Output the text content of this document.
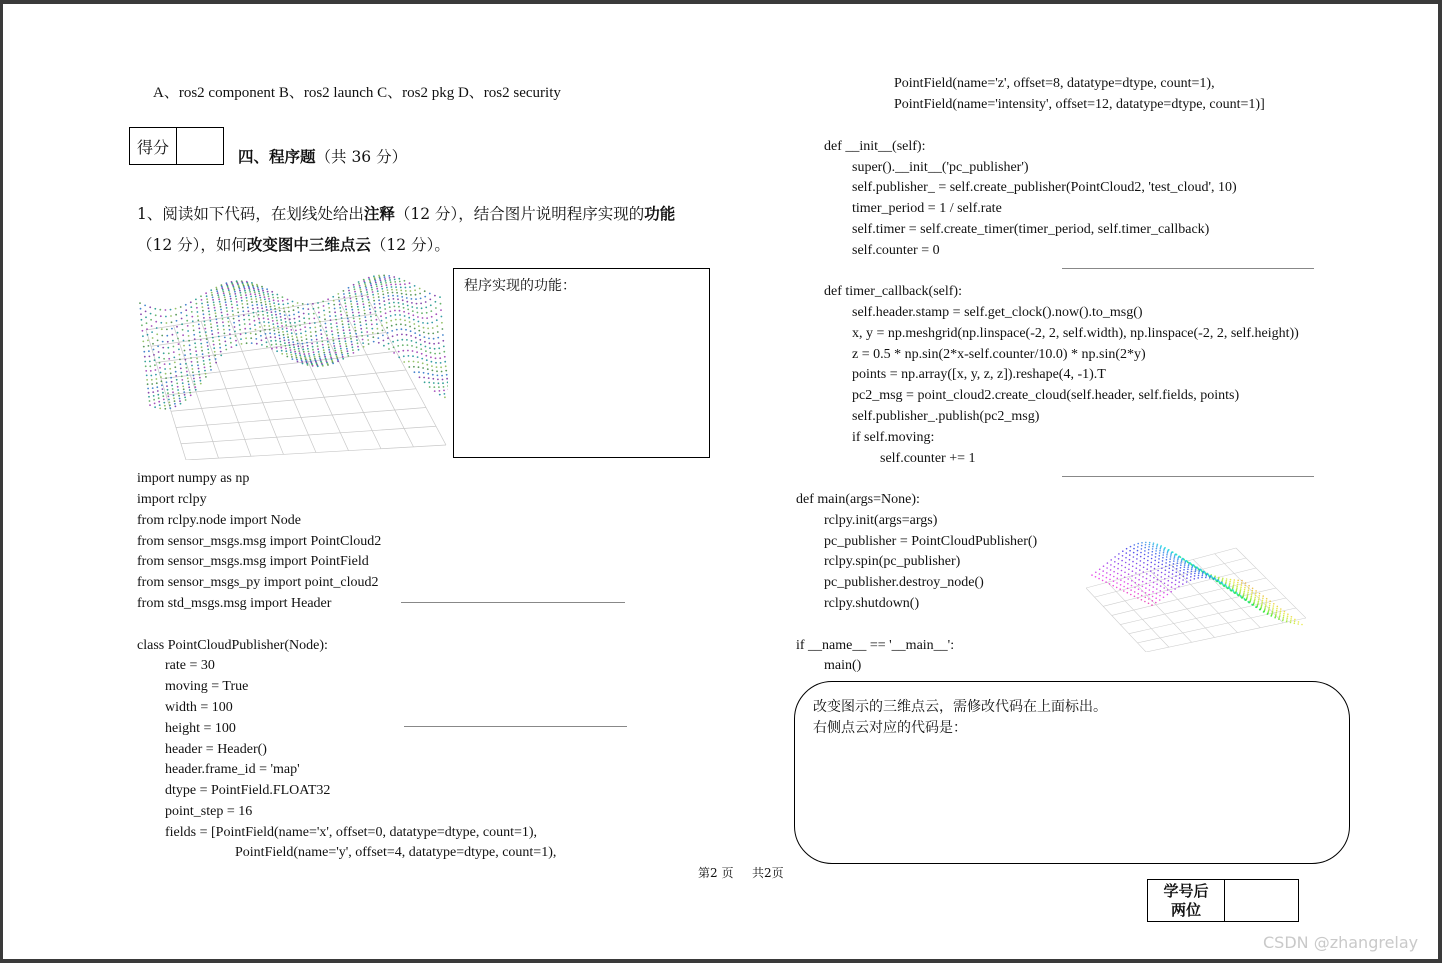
A、ros2 component B、ros2 launch C、ros2 pkg D、ros2 security
得分	四、程序题（共 36 分）
1、阅读如下代码，在划线处给出注释（12 分），结合图片说明程序实现的功能
（12 分），如何改变图中三维点云（12 分）。
程序实现的功能：
import numpy as np
import rclpy
from rclpy.node import Node
from sensor_msgs.msg import PointCloud2
from sensor_msgs.msg import PointField
from sensor_msgs_py import point_cloud2
from std_msgs.msg import Header
class PointCloudPublisher(Node):
rate = 30
moving = True
width = 100
height = 100
header = Header()
header.frame_id = 'map'
dtype = PointField.FLOAT32
point_step = 16
fields = [PointField(name='x', offset=0, datatype=dtype, count=1),
PointField(name='y', offset=4, datatype=dtype, count=1),
PointField(name='z', offset=8, datatype=dtype, count=1),
PointField(name='intensity', offset=12, datatype=dtype, count=1)]
def __init__(self):
super().__init__('pc_publisher')
self.publisher_ = self.create_publisher(PointCloud2, 'test_cloud', 10)
timer_period = 1 / self.rate
self.timer = self.create_timer(timer_period, self.timer_callback)
self.counter = 0
def timer_callback(self):
self.header.stamp = self.get_clock().now().to_msg()
x, y = np.meshgrid(np.linspace(-2, 2, self.width), np.linspace(-2, 2, self.height))
z = 0.5 * np.sin(2*x-self.counter/10.0) * np.sin(2*y)
points = np.array([x, y, z, z]).reshape(4, -1).T
pc2_msg = point_cloud2.create_cloud(self.header, self.fields, points)
self.publisher_.publish(pc2_msg)
if self.moving:
self.counter += 1
def main(args=None):
rclpy.init(args=args)
pc_publisher = PointCloudPublisher()
rclpy.spin(pc_publisher)
pc_publisher.destroy_node()
rclpy.shutdown()
if __name__ == '__main__':
main()
改变图示的三维点云，需修改代码在上面标出。
右侧点云对应的代码是：
第2 页 共2页
学号后
两位
CSDN @zhangrelay
